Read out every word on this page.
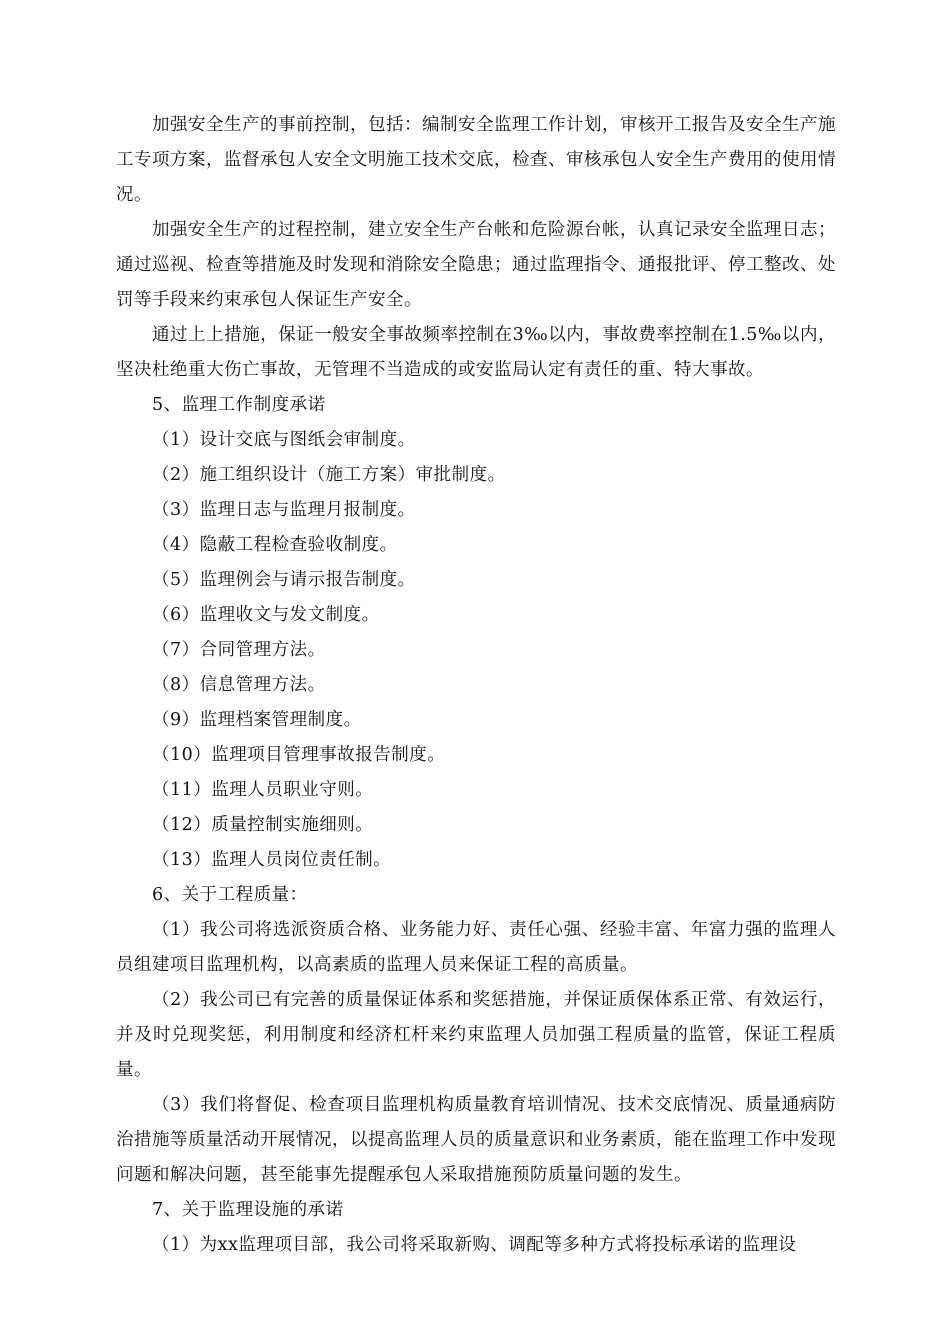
加强安全生产的事前控制，包括：编制安全监理工作计划，审核开工报告及安全生产施工专项方案，监督承包人安全文明施工技术交底，检查、审核承包人安全生产费用的使用情况。

加强安全生产的过程控制，建立安全生产台帐和危险源台帐，认真记录安全监理日志；通过巡视、检查等措施及时发现和消除安全隐患；通过监理指令、通报批评、停工整改、处罚等手段来约束承包人保证生产安全。

通过上上措施，保证一般安全事故频率控制在3‰以内，事故费率控制在1.5‰以内，坚决杜绝重大伤亡事故，无管理不当造成的或安监局认定有责任的重、特大事故。

5、监理工作制度承诺

（1）设计交底与图纸会审制度。

（2）施工组织设计（施工方案）审批制度。

（3）监理日志与监理月报制度。

（4）隐蔽工程检查验收制度。

（5）监理例会与请示报告制度。

（6）监理收文与发文制度。

（7）合同管理方法。

（8）信息管理方法。

（9）监理档案管理制度。

（10）监理项目管理事故报告制度。

（11）监理人员职业守则。

（12）质量控制实施细则。

（13）监理人员岗位责任制。

6、关于工程质量：

（1）我公司将选派资质合格、业务能力好、责任心强、经验丰富、年富力强的监理人员组建项目监理机构，以高素质的监理人员来保证工程的高质量。

（2）我公司已有完善的质量保证体系和奖惩措施，并保证质保体系正常、有效运行，并及时兑现奖惩，利用制度和经济杠杆来约束监理人员加强工程质量的监管，保证工程质量。

（3）我们将督促、检查项目监理机构质量教育培训情况、技术交底情况、质量通病防治措施等质量活动开展情况，以提高监理人员的质量意识和业务素质，能在监理工作中发现问题和解决问题，甚至能事先提醒承包人采取措施预防质量问题的发生。

7、关于监理设施的承诺

（1）为xx监理项目部，我公司将采取新购、调配等多种方式将投标承诺的监理设
